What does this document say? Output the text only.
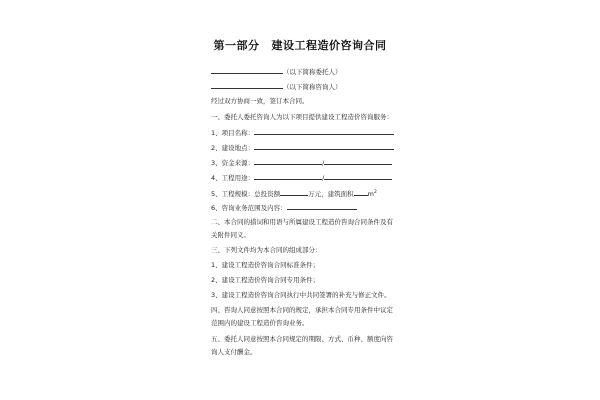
第一部分 建设工程造价咨询合同
（以下简称委托人）
（以下简称咨询人）
经过双方协商一致，签订本合同。
一、委托人委托咨询人为以下项目提供建设工程造价咨询服务：
1、项目名称：
2、建设地点：
3、资金来源：	/
4、工程用途：	/
5、工程规模：总投资额	万元，建筑面积 $m^2$
6、咨询业务范围及内容：
二、本合同的措词和用语与所属建设工程造价咨询合同条件及有
关附件同义。
三、下列文件均为本合同的组成部分：
1、建设工程造价咨询合同标准条件；
2、建设工程造价咨询合同专用条件；
3、建设工程造价咨询合同执行中共同签署的补充与修正文件。
四、咨询人同意按照本合同的规定，承担本合同专用条件中议定
范围内的建设工程造价咨询业务。
五、委托人同意按照本合同规定的期限、方式、币种、额度向咨
询人支付酬金。
